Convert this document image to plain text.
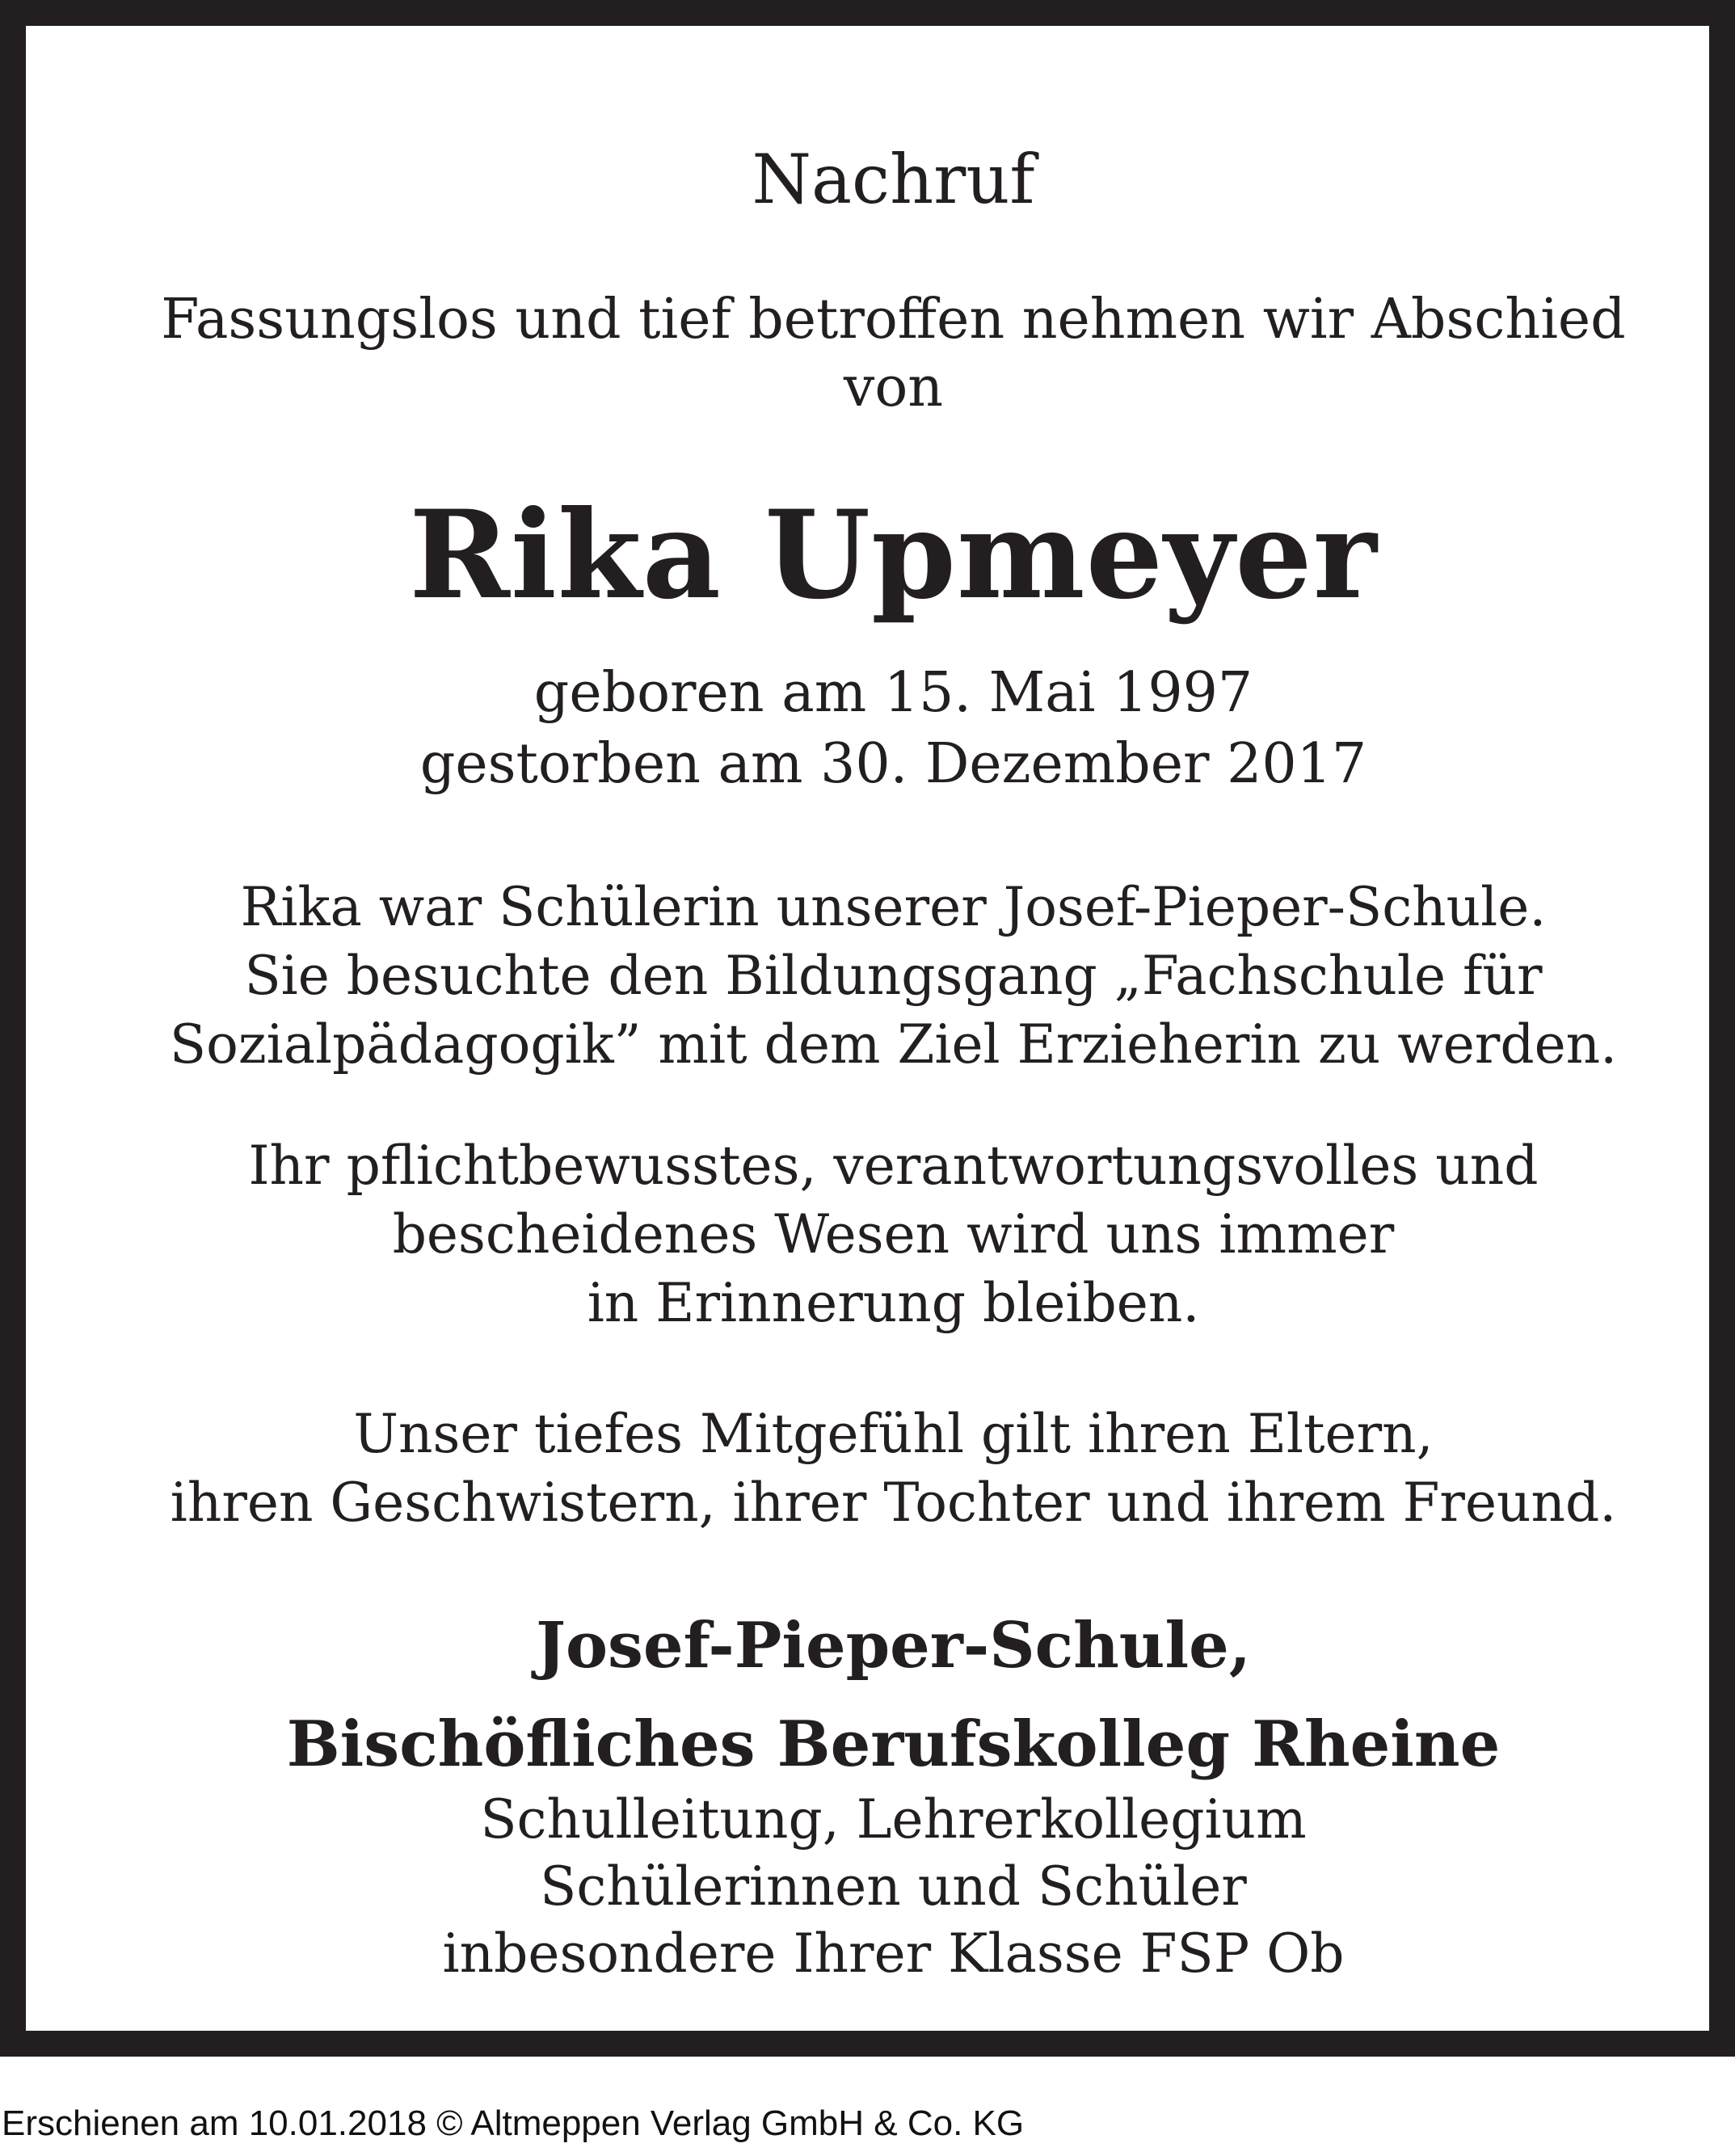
Nachruf
Fassungslos und tief betroffen nehmen wir Abschied
von
Rika Upmeyer
geboren am 15. Mai 1997
gestorben am 30. Dezember 2017
Rika war Schülerin unserer Josef-Pieper-Schule.
Sie besuchte den Bildungsgang „Fachschule für
Sozialpädagogik” mit dem Ziel Erzieherin zu werden.
Ihr pflichtbewusstes, verantwortungsvolles und
bescheidenes Wesen wird uns immer
in Erinnerung bleiben.
Unser tiefes Mitgefühl gilt ihren Eltern,
ihren Geschwistern, ihrer Tochter und ihrem Freund.
Josef-Pieper-Schule,
Bischöfliches Berufskolleg Rheine
Schulleitung, Lehrerkollegium
Schülerinnen und Schüler
inbesondere Ihrer Klasse FSP Ob
Erschienen am 10.01.2018 © Altmeppen Verlag GmbH & Co. KG
